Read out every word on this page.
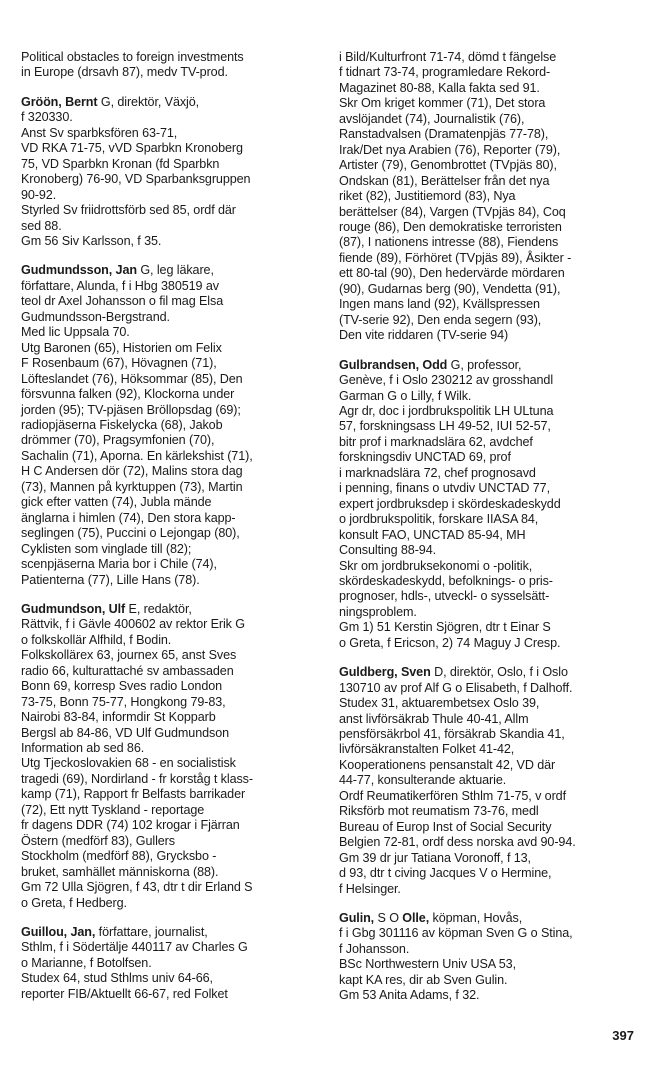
Political obstacles to foreign investments
in Europe (drsavh 87), medv TV-prod.
Gröön, Bernt G, direktör, Växjö,
f 320330.
Anst Sv sparbksfören 63-71,
VD RKA 71-75, vVD Sparbkn Kronoberg
75, VD Sparbkn Kronan (fd Sparbkn
Kronoberg) 76-90, VD Sparbanksgruppen
90-92.
Styrled Sv friidrottsförb sed 85, ordf där
sed 88.
Gm 56 Siv Karlsson, f 35.
Gudmundsson, Jan G, leg läkare,
författare, Alunda, f i Hbg 380519 av
teol dr Axel Johansson o fil mag Elsa
Gudmundsson-Bergstrand.
Med lic Uppsala 70.
Utg Baronen (65), Historien om Felix
F Rosenbaum (67), Hövagnen (71),
Löfteslandet (76), Höksommar (85), Den
försvunna falken (92), Klockorna under
jorden (95); TV-pjäsen Bröllopsdag (69);
radiopjäserna Fiskelycka (68), Jakob
drömmer (70), Pragsymfonien (70),
Sachalin (71), Aporna. En kärlekshist (71),
H C Andersen dör (72), Malins stora dag
(73), Mannen på kyrktuppen (73), Martin
gick efter vatten (74), Jubla mände
änglarna i himlen (74), Den stora kapp-
seglingen (75), Puccini o Lejongap (80),
Cyklisten som vinglade till (82);
scenpjäserna Maria bor i Chile (74),
Patienterna (77), Lille Hans (78).
Gudmundson, Ulf E, redaktör,
Rättvik, f i Gävle 400602 av rektor Erik G
o folkskollär Alfhild, f Bodin.
Folkskollärex 63, journex 65, anst Sves
radio 66, kulturattaché sv ambassaden
Bonn 69, korresp Sves radio London
73-75, Bonn 75-77, Hongkong 79-83,
Nairobi 83-84, informdir St Kopparb
Bergsl ab 84-86, VD Ulf Gudmundson
Information ab sed 86.
Utg Tjeckoslovakien 68 - en socialistisk
tragedi (69), Nordirland - fr korståg t klass-
kamp (71), Rapport fr Belfasts barrikader
(72), Ett nytt Tyskland - reportage
fr dagens DDR (74) 102 krogar i Fjärran
Östern (medförf 83), Gullers
Stockholm (medförf 88), Grycksbo -
bruket, samhället människorna (88).
Gm 72 Ulla Sjögren, f 43, dtr t dir Erland S
o Greta, f Hedberg.
Guillou, Jan, författare, journalist,
Sthlm, f i Södertälje 440117 av Charles G
o Marianne, f Botolfsen.
Studex 64, stud Sthlms univ 64-66,
reporter FIB/Aktuellt 66-67, red Folket
i Bild/Kulturfront 71-74, dömd t fängelse
f tidnart 73-74, programledare Rekord-
Magazinet 80-88, Kalla fakta sed 91.
Skr Om kriget kommer (71), Det stora
avslöjandet (74), Journalistik (76),
Ranstadvalsen (Dramatenpjäs 77-78),
Irak/Det nya Arabien (76), Reporter (79),
Artister (79), Genombrottet (TVpjäs 80),
Ondskan (81), Berättelser från det nya
riket (82), Justitiemord (83), Nya
berättelser (84), Vargen (TVpjäs 84), Coq
rouge (86), Den demokratiske terroristen
(87), I nationens intresse (88), Fiendens
fiende (89), Förhöret (TVpjäs 89), Åsikter -
ett 80-tal (90), Den hedervärde mördaren
(90), Gudarnas berg (90), Vendetta (91),
Ingen mans land (92), Kvällspressen
(TV-serie 92), Den enda segern (93),
Den vite riddaren (TV-serie 94)
Gulbrandsen, Odd G, professor,
Genève, f i Oslo 230212 av grosshandl
Garman G o Lilly, f Wilk.
Agr dr, doc i jordbrukspolitik LH ULtuna
57, forskningsass LH 49-52, IUI 52-57,
bitr prof i marknadslära 62, avdchef
forskningsdiv UNCTAD 69, prof
i marknadslära 72, chef prognosavd
i penning, finans o utvdiv UNCTAD 77,
expert jordbruksdep i skördeskadeskydd
o jordbrukspolitik, forskare IIASA 84,
konsult FAO, UNCTAD 85-94, MH
Consulting 88-94.
Skr om jordbruksekonomi o -politik,
skördeskadeskydd, befolknings- o pris-
prognoser, hdls-, utveckl- o sysselsätt-
ningsproblem.
Gm 1) 51 Kerstin Sjögren, dtr t Einar S
o Greta, f Ericson, 2) 74 Maguy J Cresp.
Guldberg, Sven D, direktör, Oslo, f i Oslo
130710 av prof Alf G o Elisabeth, f Dalhoff.
Studex 31, aktuarembetsex Oslo 39,
anst livförsäkrab Thule 40-41, Allm
pensförsäkrbol 41, försäkrab Skandia 41,
livförsäkranstalten Folket 41-42,
Kooperationens pensanstalt 42, VD där
44-77, konsulterande aktuarie.
Ordf Reumatikerfören Sthlm 71-75, v ordf
Riksförb mot reumatism 73-76, medl
Bureau of Europ Inst of Social Security
Belgien 72-81, ordf dess norska avd 90-94.
Gm 39 dr jur Tatiana Voronoff, f 13,
d 93, dtr t civing Jacques V o Hermine,
f Helsinger.
Gulin, S O Olle, köpman, Hovås,
f i Gbg 301116 av köpman Sven G o Stina,
f Johansson.
BSc Northwestern Univ USA 53,
kapt KA res, dir ab Sven Gulin.
Gm 53 Anita Adams, f 32.
397
